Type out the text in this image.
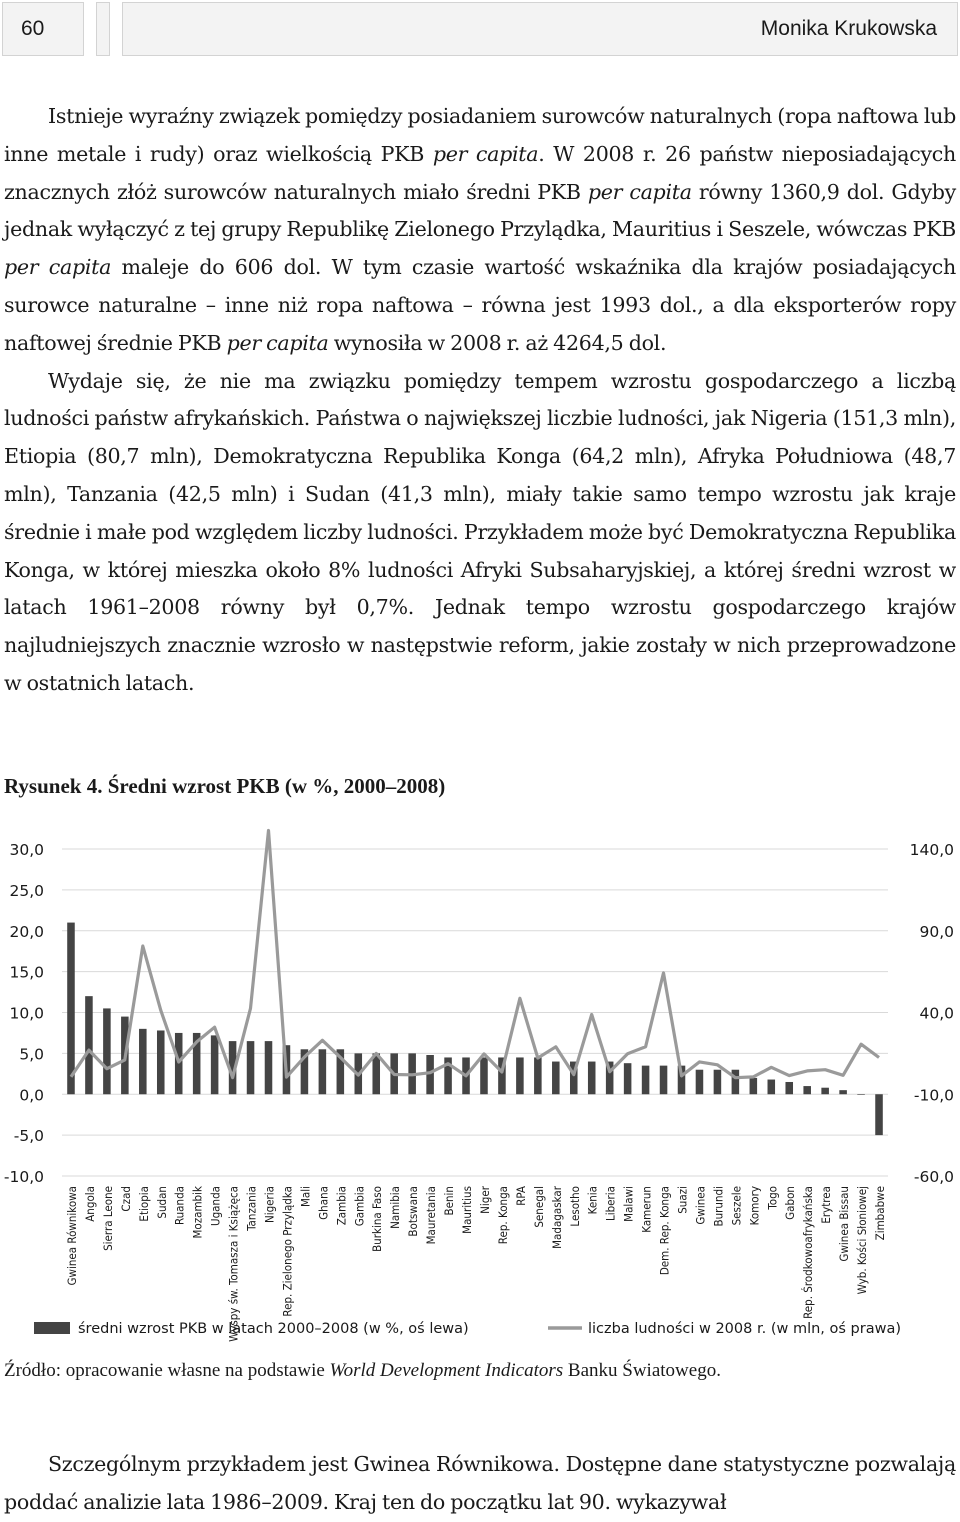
60	Monika Krukowska

Istnieje wyraźny związek pomiędzy posiadaniem surowców naturalnych (ropa naftowa lub inne metale i rudy) oraz wielkością PKB per capita. W 2008 r. 26 państw nieposiadających znacznych złóż surowców naturalnych miało średni PKB per capita równy 1360,9 dol. Gdyby jednak wyłączyć z tej grupy Republikę Zielonego Przylądka, Mauritius i Seszele, wówczas PKB per capita maleje do 606 dol. W tym czasie wartość wskaźnika dla krajów posiadających surowce naturalne – inne niż ropa naftowa – równa jest 1993 dol., a dla eksporterów ropy naftowej średnie PKB per capita wynosiła w 2008 r. aż 4264,5 dol.

Wydaje się, że nie ma związku pomiędzy tempem wzrostu gospodarczego a liczbą ludności państw afrykańskich. Państwa o największej liczbie ludności, jak Nigeria (151,3 mln), Etiopia (80,7 mln), Demokratyczna Republika Konga (64,2 mln), Afryka Południowa (48,7 mln), Tanzania (42,5 mln) i Sudan (41,3 mln), miały takie samo tempo wzrostu jak kraje średnie i małe pod względem liczby ludności. Przykładem może być Demokratyczna Republika Konga, w której mieszka około 8% ludności Afryki Subsaharyjskiej, a której średni wzrost w latach 1961–2008 równy był 0,7%. Jednak tempo wzrostu gospodarczego krajów najludniejszych znacznie wzrosło w następstwie reform, jakie zostały w nich przeprowadzone w ostatnich latach.

Rysunek 4. Średni wzrost PKB (w %, 2000–2008)

30,0
25,0
20,0
15,0
10,0
5,0
0,0
-5,0
-10,0
140,0
90,0
40,0
-10,0
-60,0
Gwinea Równikowa Angola Sierra Leone Czad Etiopia Sudan Ruanda Mozambik Uganda Wyspy św. Tomasza i Książęca Tanzania Nigeria Rep. Zielonego Przylądka Mali Ghana Zambia Gambia Burkina Faso Namibia Botswana Mauretania Benin Mauritius Niger Rep. Konga RPA Senegal Madagaskar Lesotho Kenia Liberia Malawi Kamerun Dem. Rep. Konga Suazi Gwinea Burundi Seszele Komory Togo Gabon Rep. Środkowoafrykańska Erytrea Gwinea Bissau Wyb. Kości Słoniowej Zimbabwe
średni wzrost PKB w latach 2000–2008 (w %, oś lewa)	liczba ludności w 2008 r. (w mln, oś prawa)

Źródło: opracowanie własne na podstawie World Development Indicators Banku Światowego.

Szczególnym przykładem jest Gwinea Równikowa. Dostępne dane statystyczne pozwalają poddać analizie lata 1986–2009. Kraj ten do początku lat 90. wykazywał
